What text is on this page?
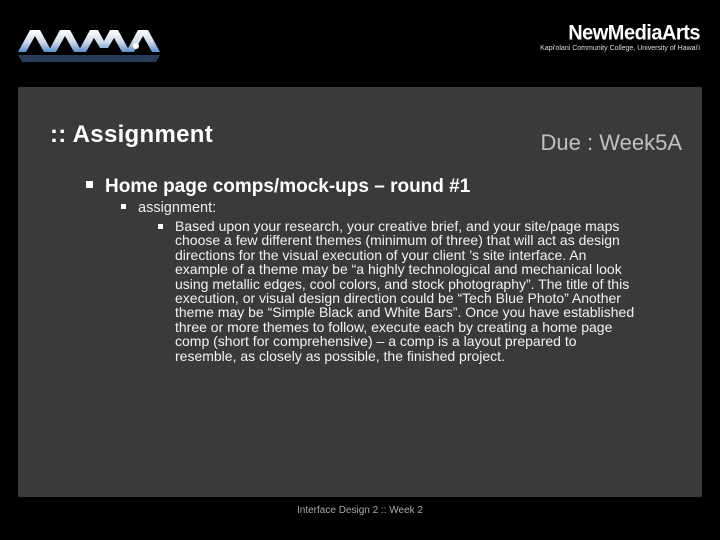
NewMediaArts
Kapi'olani Community College, University of Hawai'i
:: Assignment	Due : Week5A
Home page comps/mock-ups – round #1
assignment:
Based upon your research, your creative brief, and your site/page maps choose a few different themes (minimum of three) that will act as design directions for the visual execution of your client ’s site interface. An example of a theme may be “a highly technological and mechanical look using metallic edges, cool colors, and stock photography”. The title of this execution, or visual design direction could be “Tech Blue Photo” Another theme may be “Simple Black and White Bars”. Once you have established three or more themes to follow, execute each by creating a home page comp (short for comprehensive) – a comp is a layout prepared to resemble, as closely as possible, the finished project.
Interface Design 2 :: Week 2
